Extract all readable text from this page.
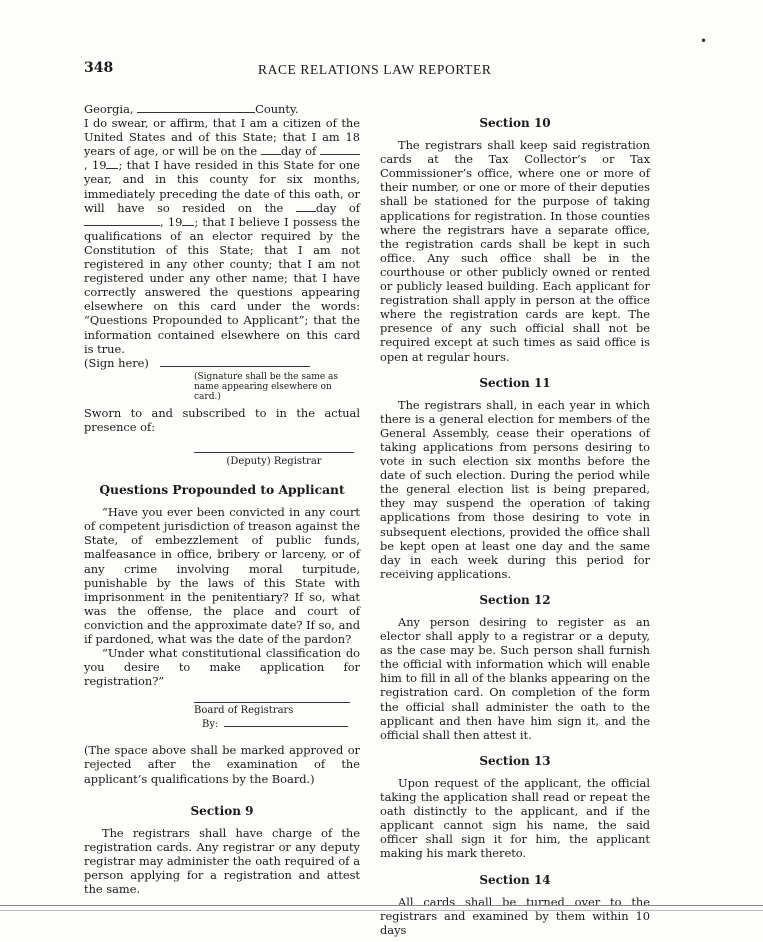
348	RACE RELATIONS LAW REPORTER
•

Georgia,	County.
I do swear, or affirm, that I am a citizen of the United States and of this State; that I am 18 years of age, or will be on the day of , 19 ; that I have resided in this State for one year, and in this county for six months, immediately preceding the date of this oath, or will have so resided on the day of , 19 ; that I believe I possess the qualifications of an elector required by the Constitution of this State; that I am not registered in any other county; that I am not registered under any other name; that I have correctly answered the questions appearing elsewhere on this card under the words: “Questions Propounded to Applicant”; that the information contained elsewhere on this card is true.

(Sign here)

(Signature shall be the same as name appearing elsewhere on card.)

Sworn to and subscribed to in the actual presence of:

(Deputy) Registrar
Questions Propounded to Applicant

“Have you ever been convicted in any court of competent jurisdiction of treason against the State, of embezzlement of public funds, malfeasance in office, bribery or larceny, or of any crime involving moral turpitude, punishable by the laws of this State with imprisonment in the penitentiary? If so, what was the offense, the place and court of conviction and the approximate date? If so, and if pardoned, what was the date of the pardon?

“Under what constitutional classification do you desire to make application for registration?”

Board of Registrars
By:

(The space above shall be marked approved or rejected after the examination of the applicant’s qualifications by the Board.)

Section 9

The registrars shall have charge of the registration cards. Any registrar or any deputy registrar may administer the oath required of a person applying for a registration and attest the same.

Section 10

The registrars shall keep said registration cards at the Tax Collector’s or Tax Commissioner’s office, where one or more of their number, or one or more of their deputies shall be stationed for the purpose of taking applications for registration. In those counties where the registrars have a separate office, the registration cards shall be kept in such office. Any such office shall be in the courthouse or other publicly owned or rented or publicly leased building. Each applicant for registration shall apply in person at the office where the registration cards are kept. The presence of any such official shall not be required except at such times as said office is open at regular hours.

Section 11

The registrars shall, in each year in which there is a general election for members of the General Assembly, cease their operations of taking applications from persons desiring to vote in such election six months before the date of such election. During the period while the general election list is being prepared, they may suspend the operation of taking applications from those desiring to vote in subsequent elections, provided the office shall be kept open at least one day and the same day in each week during this period for receiving applications.

Section 12

Any person desiring to register as an elector shall apply to a registrar or a deputy, as the case may be. Such person shall furnish the official with information which will enable him to fill in all of the blanks appearing on the registration card. On completion of the form the official shall administer the oath to the applicant and then have him sign it, and the official shall then attest it.

Section 13

Upon request of the applicant, the official taking the application shall read or repeat the oath distinctly to the applicant, and if the applicant cannot sign his name, the said officer shall sign it for him, the applicant making his mark thereto.

Section 14

All cards shall be turned over to the registrars and examined by them within 10 days
